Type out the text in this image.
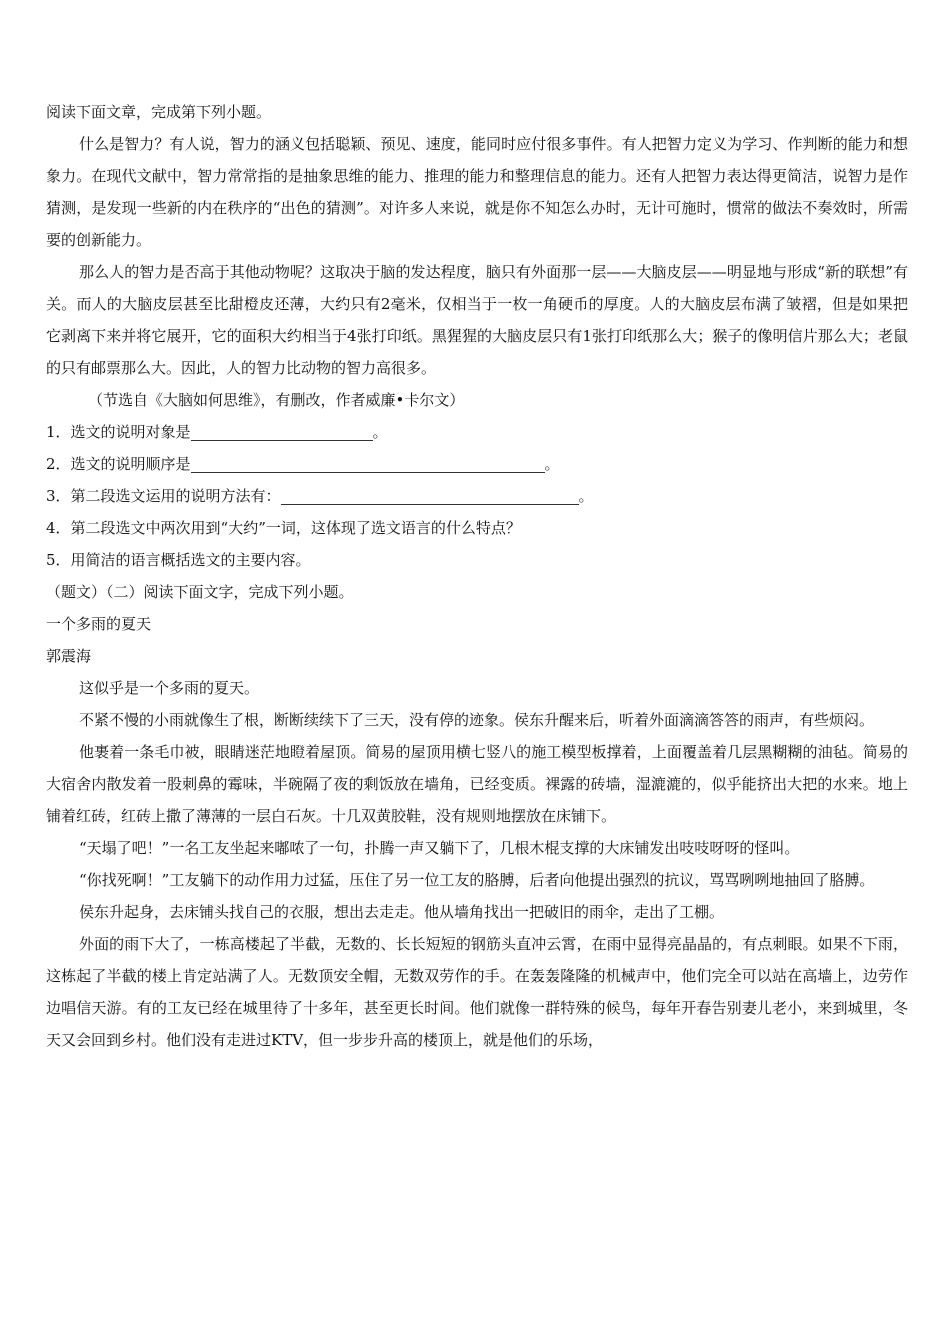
阅读下面文章，完成第下列小题。

什么是智力？有人说，智力的涵义包括聪颖、预见、速度，能同时应付很多事件。有人把智力定义为学习、作判断的能力和想象力。在现代文献中，智力常常指的是抽象思维的能力、推理的能力和整理信息的能力。还有人把智力表达得更简洁，说智力是作猜测，是发现一些新的内在秩序的“出色的猜测”。对许多人来说，就是你不知怎么办时，无计可施时，惯常的做法不奏效时，所需要的创新能力。

那么人的智力是否高于其他动物呢？这取决于脑的发达程度，脑只有外面那一层——大脑皮层——明显地与形成“新的联想”有关。而人的大脑皮层甚至比甜橙皮还薄，大约只有2毫米，仅相当于一枚一角硬币的厚度。人的大脑皮层布满了皱褶，但是如果把它剥离下来并将它展开，它的面积大约相当于4张打印纸。黑猩猩的大脑皮层只有1张打印纸那么大；猴子的像明信片那么大；老鼠的只有邮票那么大。因此，人的智力比动物的智力高很多。

（节选自《大脑如何思维》，有删改，作者威廉•卡尔文）

1．选文的说明对象是	。

2．选文的说明顺序是	。

3．第二段选文运用的说明方法有：	。

4．第二段选文中两次用到“大约”一词，这体现了选文语言的什么特点？

5．用简洁的语言概括选文的主要内容。

（题文）（二）阅读下面文字，完成下列小题。

一个多雨的夏天

郭震海

这似乎是一个多雨的夏天。

不紧不慢的小雨就像生了根，断断续续下了三天，没有停的迹象。侯东升醒来后，听着外面滴滴答答的雨声，有些烦闷。

他裹着一条毛巾被，眼睛迷茫地瞪着屋顶。简易的屋顶用横七竖八的施工模型板撑着，上面覆盖着几层黑糊糊的油毡。简易的大宿舍内散发着一股刺鼻的霉味，半碗隔了夜的剩饭放在墙角，已经变质。裸露的砖墙，湿漉漉的，似乎能挤出大把的水来。地上铺着红砖，红砖上撒了薄薄的一层白石灰。十几双黄胶鞋，没有规则地摆放在床铺下。

“天塌了吧！”一名工友坐起来嘟哝了一句，扑腾一声又躺下了，几根木棍支撑的大床铺发出吱吱呀呀的怪叫。

“你找死啊！”工友躺下的动作用力过猛，压住了另一位工友的胳膊，后者向他提出强烈的抗议，骂骂咧咧地抽回了胳膊。

侯东升起身，去床铺头找自己的衣服，想出去走走。他从墙角找出一把破旧的雨伞，走出了工棚。

外面的雨下大了，一栋高楼起了半截，无数的、长长短短的钢筋头直冲云霄，在雨中显得亮晶晶的，有点刺眼。如果不下雨，这栋起了半截的楼上肯定站满了人。无数顶安全帽，无数双劳作的手。在轰轰隆隆的机械声中，他们完全可以站在高墙上，边劳作边唱信天游。有的工友已经在城里待了十多年，甚至更长时间。他们就像一群特殊的候鸟，每年开春告别妻儿老小，来到城里，冬天又会回到乡村。他们没有走进过KTV，但一步步升高的楼顶上，就是他们的乐场，
